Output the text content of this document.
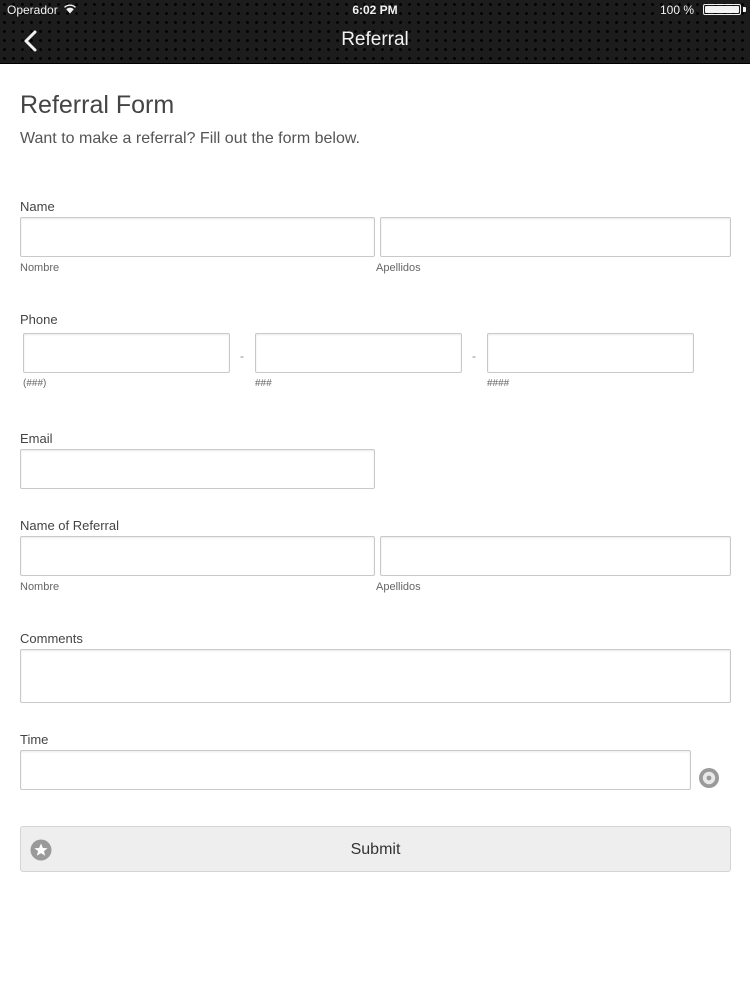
Operador	6:02 PM	100 %
Referral
Referral Form

Want to make a referral? Fill out the form below.

Name
Nombre	Apellidos
Phone
-	-
(###)	###	####
Email
Name of Referral
Nombre	Apellidos
Comments
Time
Submit
